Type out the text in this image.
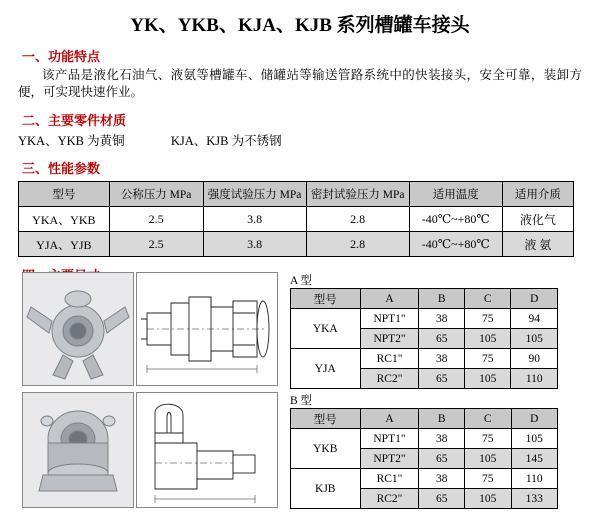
YK、YKB、KJA、KJB 系列槽罐车接头
一、功能特点
该产品是液化石油气、液氨等槽罐车、储罐站等输送管路系统中的快装接头，安全可靠，装卸方便，可实现快速作业。
二、主要零件材质
YKA、YKB 为黄铜	KJA、KJB 为不锈钢
三、性能参数
型号	公称压力 MPa	强度试验压力 MPa	密封试验压力 MPa	适用温度	适用介质
YKA、YKB	2.5	3.8	2.8	-40℃~+80℃	液化气
YJA、YJB	2.5	3.8	2.8	-40℃~+80℃	液 氨
A 型
B 型
型号	A	B	C	D
YKA	NPT1"	38	75	94
	NPT2"	65	105	105
YJA	RC1"	38	75	90
	RC2"	65	105	110
型号	A	B	C	D
YKB	NPT1"	38	75	105
	NPT2"	65	105	145
KJB	RC1"	38	75	110
	RC2"	65	105	133
